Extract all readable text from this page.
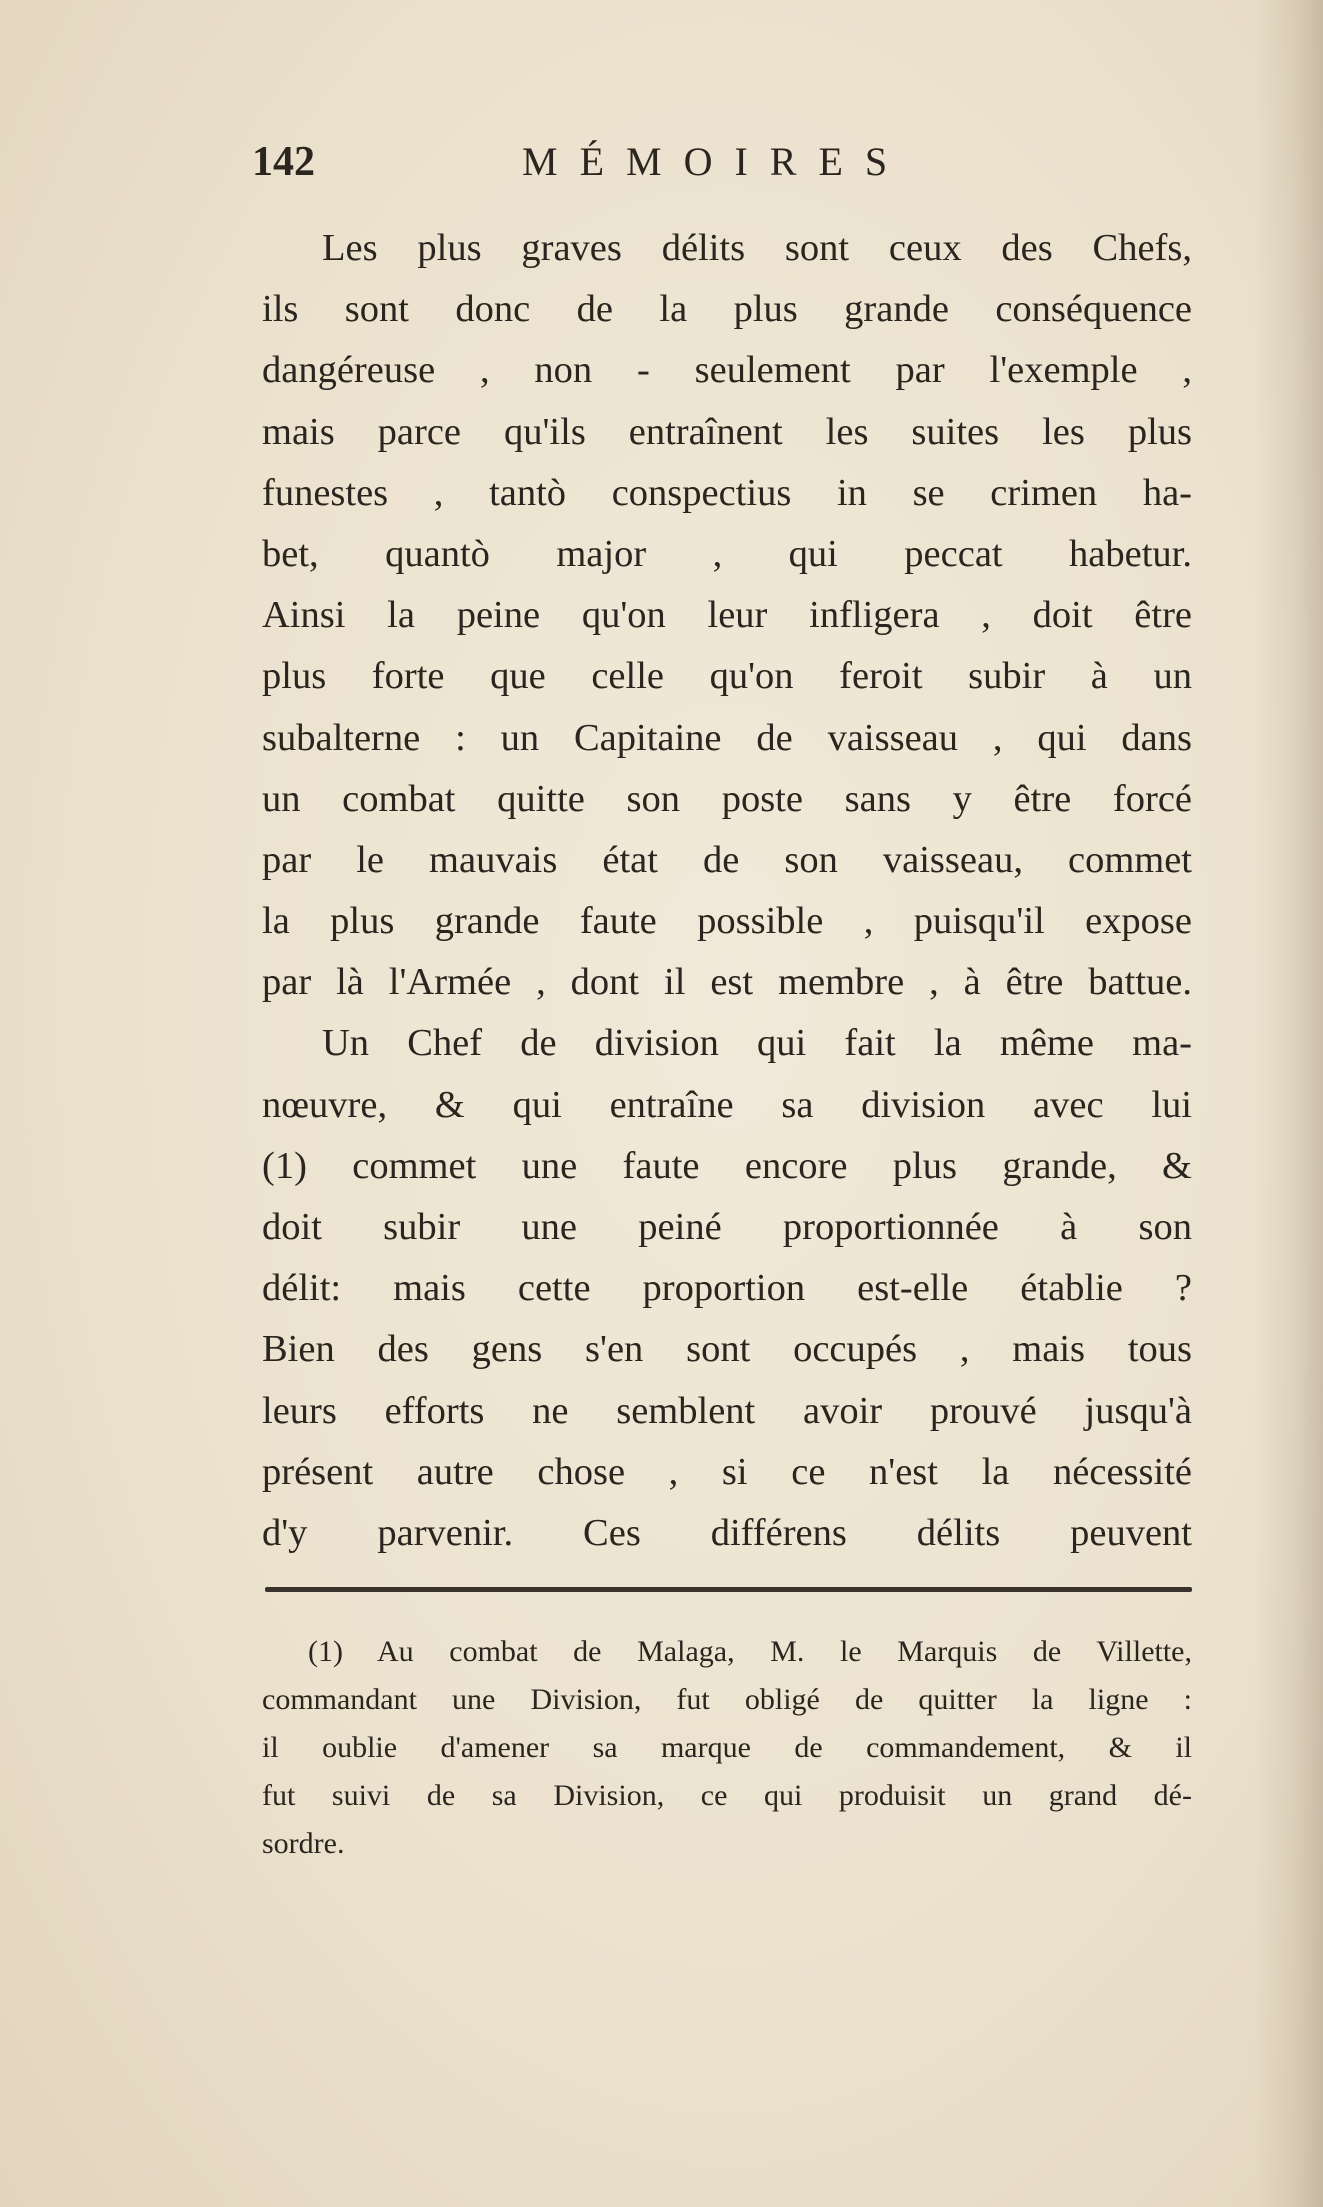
142	MÉMOIRES
Les plus graves délits sont ceux des Chefs,
ils sont donc de la plus grande conséquence
dangéreuse , non - seulement par l'exemple ,
mais parce qu'ils entraînent les suites les plus
funestes , tantò conspectius in se crimen ha-
bet, quantò major , qui peccat habetur.
Ainsi la peine qu'on leur infligera , doit être
plus forte que celle qu'on feroit subir à un
subalterne : un Capitaine de vaisseau , qui dans
un combat quitte son poste sans y être forcé
par le mauvais état de son vaisseau, commet
la plus grande faute possible , puisqu'il expose
par là l'Armée , dont il est membre , à être battue.
Un Chef de division qui fait la même ma-
nœuvre, & qui entraîne sa division avec lui
(1) commet une faute encore plus grande, &
doit subir une peiné proportionnée à son
délit: mais cette proportion est-elle établie ?
Bien des gens s'en sont occupés , mais tous
leurs efforts ne semblent avoir prouvé jusqu'à
présent autre chose , si ce n'est la nécessité
d'y parvenir. Ces différens délits peuvent
(1) Au combat de Malaga, M. le Marquis de Villette,
commandant une Division, fut obligé de quitter la ligne :
il oublie d'amener sa marque de commandement, & il
fut suivi de sa Division, ce qui produisit un grand dé-
sordre.
